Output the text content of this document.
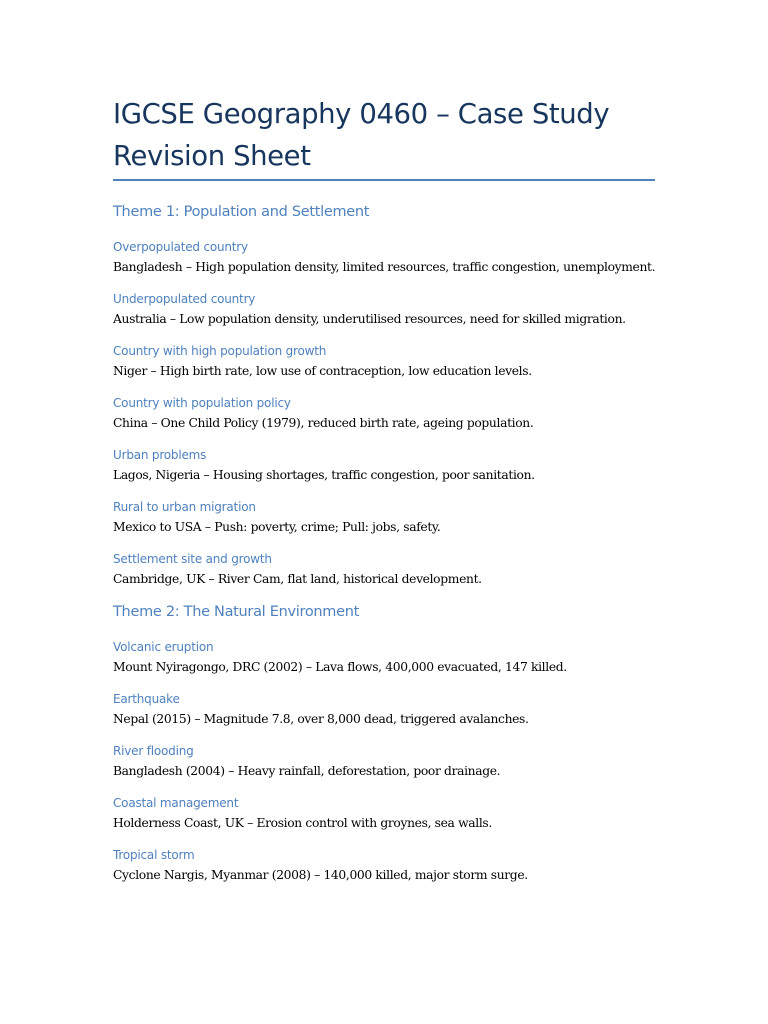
IGCSE Geography 0460 – Case Study Revision Sheet
Theme 1: Population and Settlement
Overpopulated country

Bangladesh – High population density, limited resources, traffic congestion, unemployment.

Underpopulated country

Australia – Low population density, underutilised resources, need for skilled migration.

Country with high population growth

Niger – High birth rate, low use of contraception, low education levels.

Country with population policy

China – One Child Policy (1979), reduced birth rate, ageing population.

Urban problems

Lagos, Nigeria – Housing shortages, traffic congestion, poor sanitation.

Rural to urban migration

Mexico to USA – Push: poverty, crime; Pull: jobs, safety.

Settlement site and growth

Cambridge, UK – River Cam, flat land, historical development.

Theme 2: The Natural Environment
Volcanic eruption

Mount Nyiragongo, DRC (2002) – Lava flows, 400,000 evacuated, 147 killed.

Earthquake

Nepal (2015) – Magnitude 7.8, over 8,000 dead, triggered avalanches.

River flooding

Bangladesh (2004) – Heavy rainfall, deforestation, poor drainage.

Coastal management

Holderness Coast, UK – Erosion control with groynes, sea walls.

Tropical storm

Cyclone Nargis, Myanmar (2008) – 140,000 killed, major storm surge.
